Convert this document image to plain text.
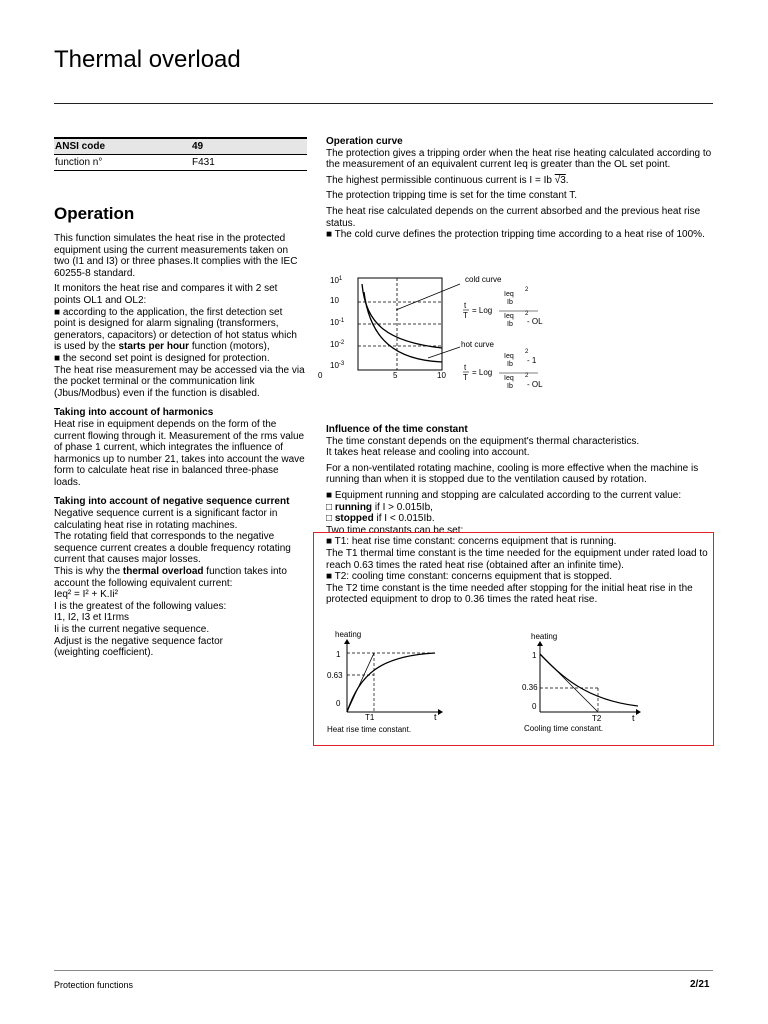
Thermal overload
ANSI code	49
function n°	F431
Operation

This function simulates the heat rise in the protected equipment using the current measurements taken on two (I1 and I3) or three phases.It complies with the IEC 60255-8 standard.

It monitors the heat rise and compares it with 2 set points OL1 and OL2:

■ according to the application, the first detection set point is designed for alarm signaling (transformers, generators, capacitors) or detection of hot status which is used by the starts per hour function (motors),

■ the second set point is designed for protection.

The heat rise measurement may be accessed via the via the pocket terminal or the communication link (Jbus/Modbus) even if the function is disabled.

Taking into account of harmonics

Heat rise in equipment depends on the form of the current flowing through it. Measurement of the rms value of phase 1 current, which integrates the influence of harmonics up to number 21, takes into account the wave form to calculate heat rise in balanced three-phase loads.

Taking into account of negative sequence current

Negative sequence current is a significant factor in calculating heat rise in rotating machines.

The rotating field that corresponds to the negative sequence current creates a double frequency rotating current that causes major losses.

This is why the thermal overload function takes into account the following equivalent current:

Ieq² = I² + K.Ii²

I is the greatest of the following values:

I1, I2, I3 et I1rms

Ii is the current negative sequence.

Adjust is the negative sequence factor

(weighting coefficient).

Operation curve

The protection gives a tripping order when the heat rise heating calculated according to the measurement of an equivalent current Ieq is greater than the OL set point.

The highest permissible continuous current is I = Ib √3.

The protection tripping time is set for the time constant T.

The heat rise calculated depends on the current absorbed and the previous heat rise status.

■ The cold curve defines the protection tripping time according to a heat rise of 100%.

$10^1$
10
$10^{-1}$
$10^{-2}$
$10^{-3}$
0	5	10
cold curve
hot curve
t
T
= Log
Ieq
Ib
2
Ieq
Ib
2
- OL
t
T
= Log
Ieq
Ib
2
- 1
Ieq
Ib
2
- OL

Influence of the time constant

The time constant depends on the equipment's thermal characteristics.

It takes heat release and cooling into account.

For a non-ventilated rotating machine, cooling is more effective when the machine is running than when it is stopped due to the ventilation caused by rotation.

■ Equipment running and stopping are calculated according to the current value:

□ running if I > 0.015Ib,

□ stopped if I < 0.015Ib.

Two time constants can be set:

■ T1: heat rise time constant: concerns equipment that is running.

The T1 thermal time constant is the time needed for the equipment under rated load to reach 0.63 times the rated heat rise (obtained after an infinite time).

■ T2: cooling time constant: concerns equipment that is stopped.

The T2 time constant is the time needed after stopping for the initial heat rise in the protected equipment to drop to 0.36 times the rated heat rise.

heating
1
0.63
0
T1	t
Heat rise time constant.
heating
1
0.36
0
T2	t
Cooling time constant.
Protection functions	2/21
